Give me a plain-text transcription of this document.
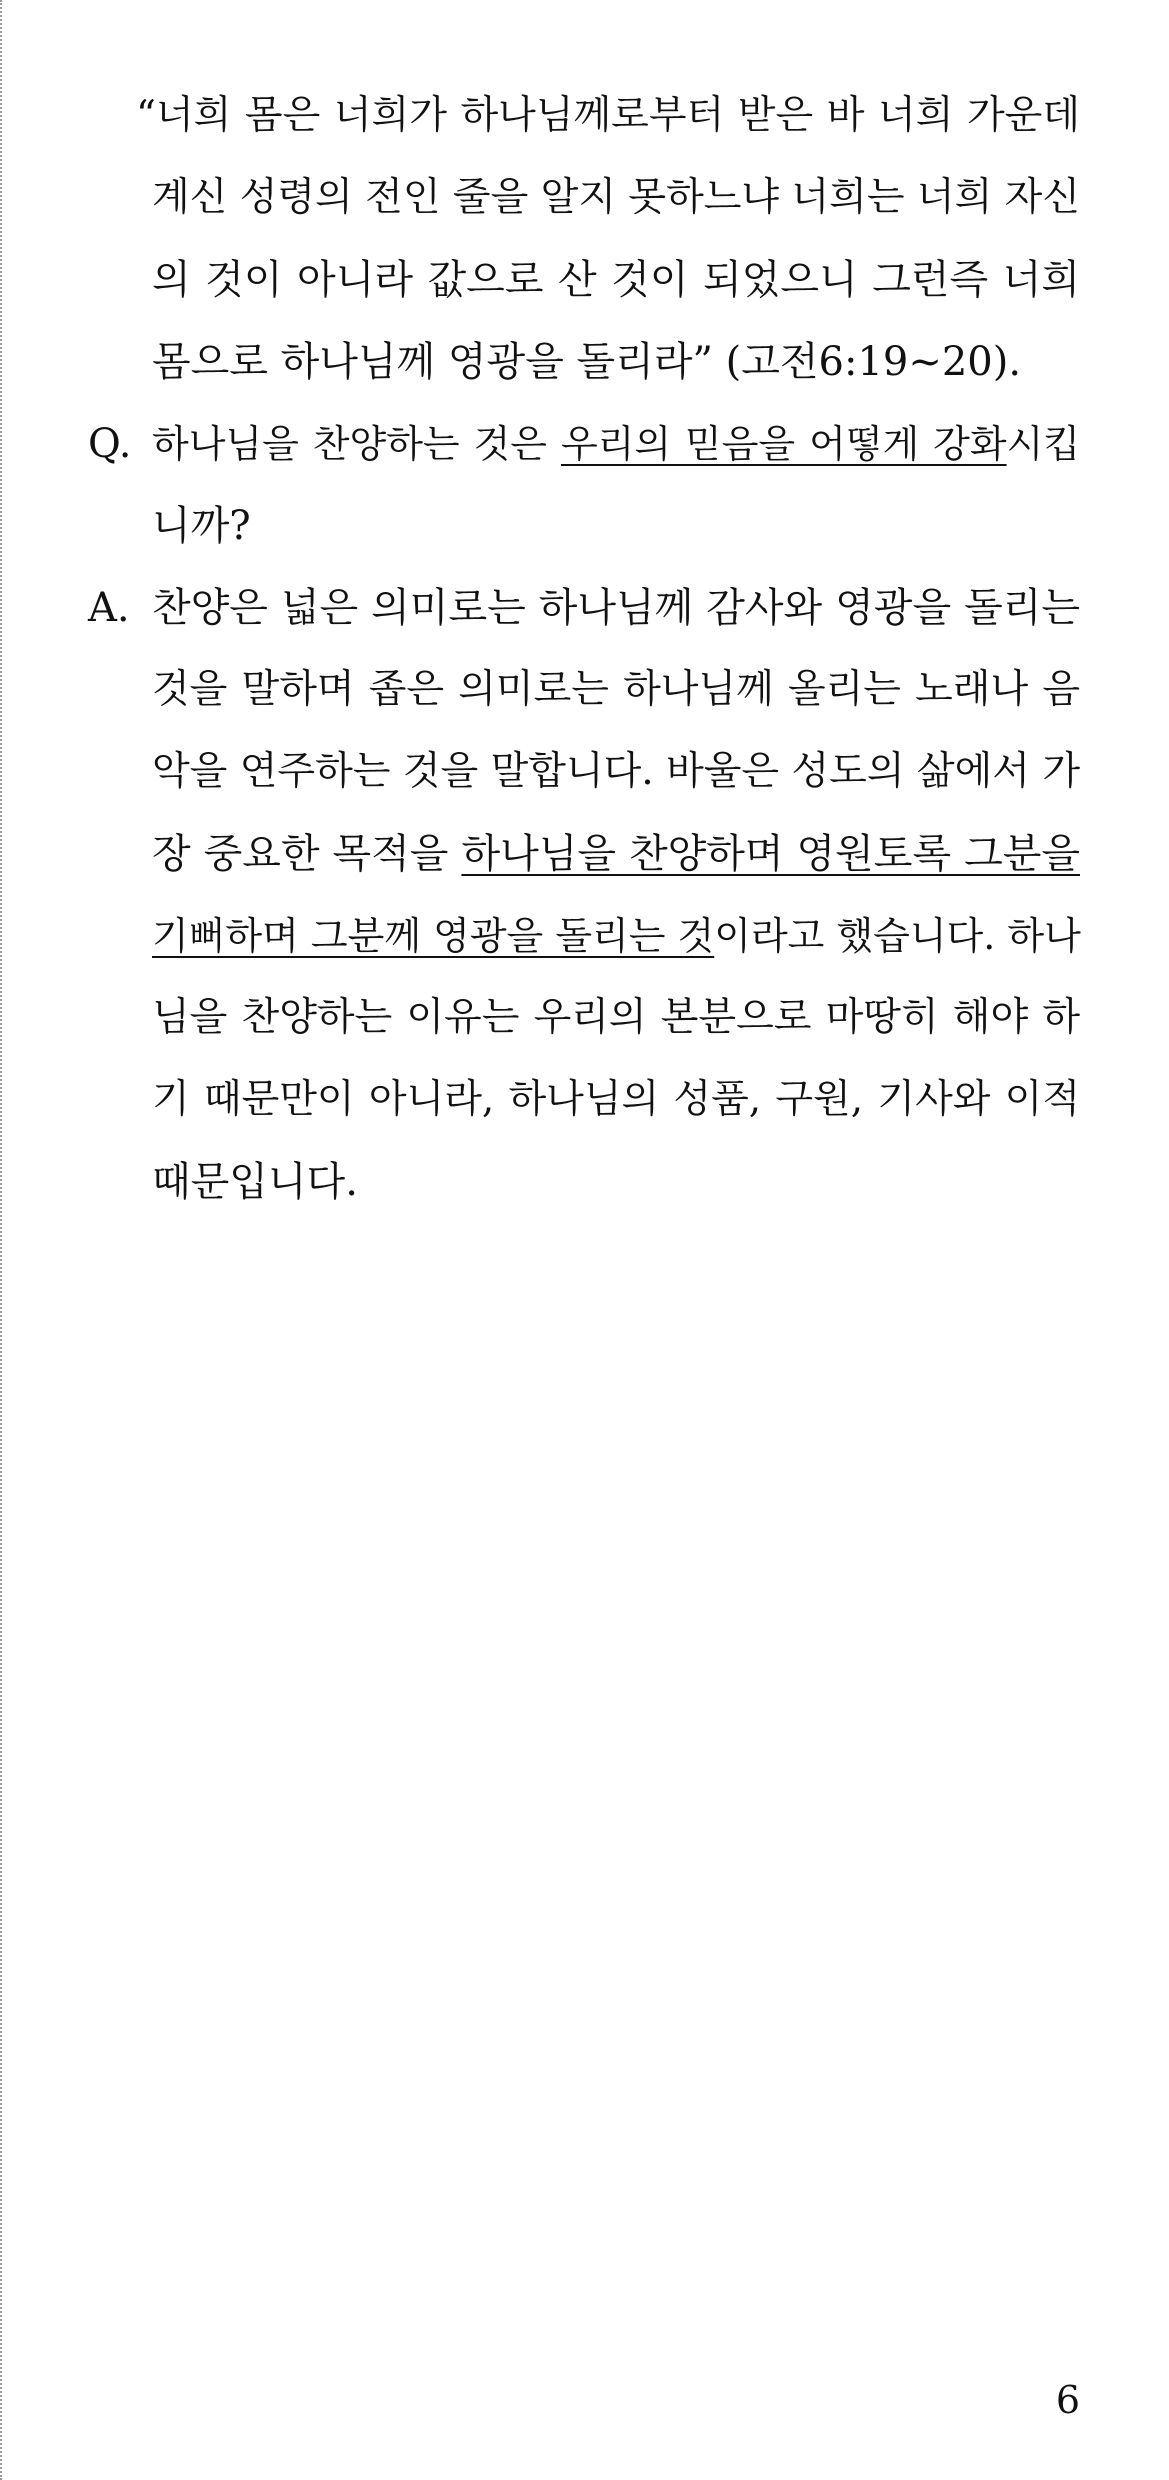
“너희 몸은 너희가 하나님께로부터 받은 바 너희 가운데
계신 성령의 전인 줄을 알지 못하느냐 너희는 너희 자신
의 것이 아니라 값으로 산 것이 되었으니 그런즉 너희
몸으로 하나님께 영광을 돌리라” (고전6:19~20).
Q. 하나님을 찬양하는 것은 우리의 믿음을 어떻게 강화시킵
니까?
A. 찬양은 넓은 의미로는 하나님께 감사와 영광을 돌리는
것을 말하며 좁은 의미로는 하나님께 올리는 노래나 음
악을 연주하는 것을 말합니다. 바울은 성도의 삶에서 가
장 중요한 목적을 하나님을 찬양하며 영원토록 그분을
기뻐하며 그분께 영광을 돌리는 것이라고 했습니다. 하나
님을 찬양하는 이유는 우리의 본분으로 마땅히 해야 하
기 때문만이 아니라, 하나님의 성품, 구원, 기사와 이적
때문입니다.
6
